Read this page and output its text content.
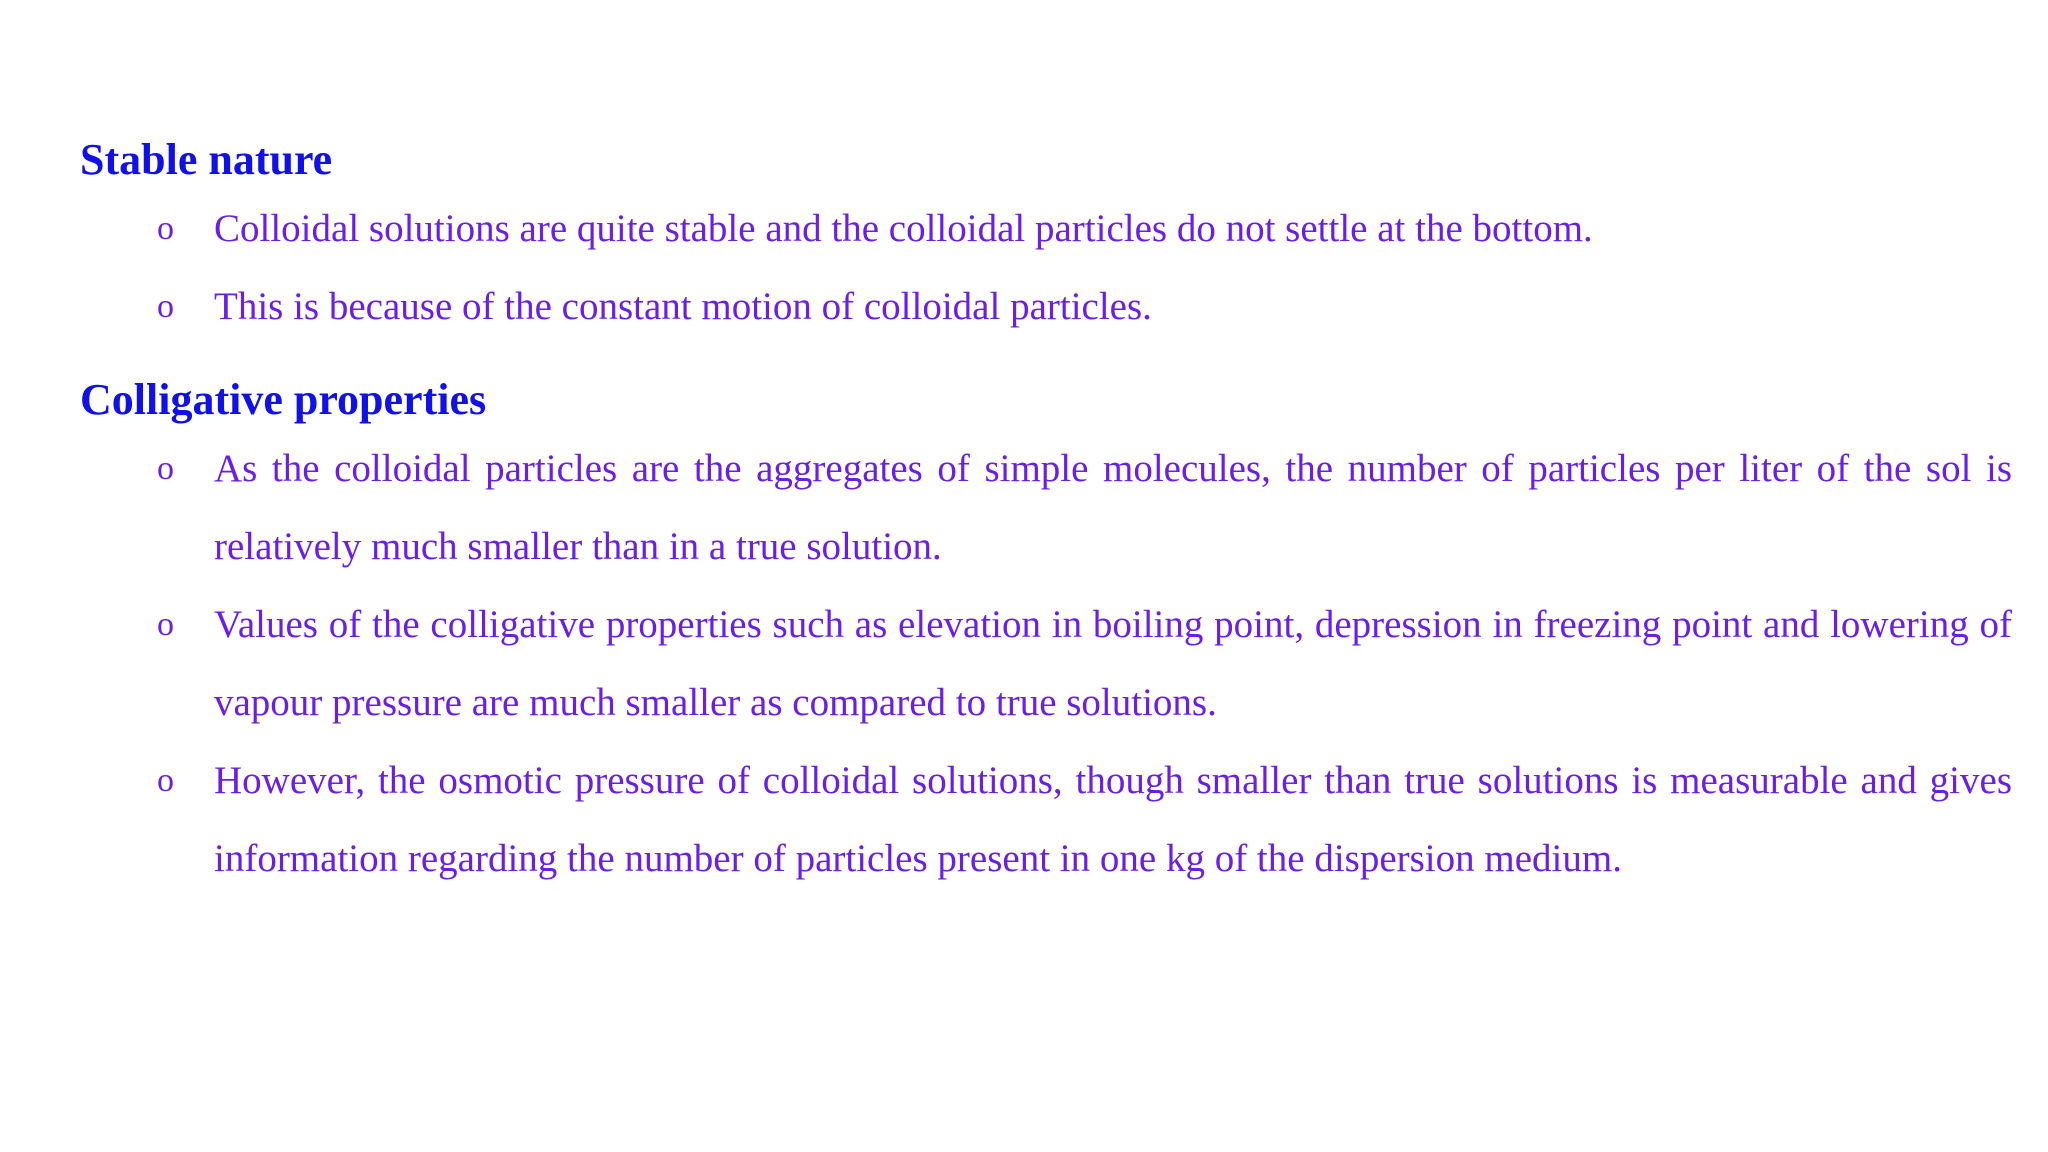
Stable nature
o	Colloidal solutions are quite stable and the colloidal particles do not settle at the bottom.
o	This is because of the constant motion of colloidal particles.
Colligative properties
o	As the colloidal particles are the aggregates of simple molecules, the number of particles per liter of the sol is relatively much smaller than in a true solution.
o	Values of the colligative properties such as elevation in boiling point, depression in freezing point and lowering of vapour pressure are much smaller as compared to true solutions.
o	However, the osmotic pressure of colloidal solutions, though smaller than true solutions is measurable and gives information regarding the number of particles present in one kg of the dispersion medium.
